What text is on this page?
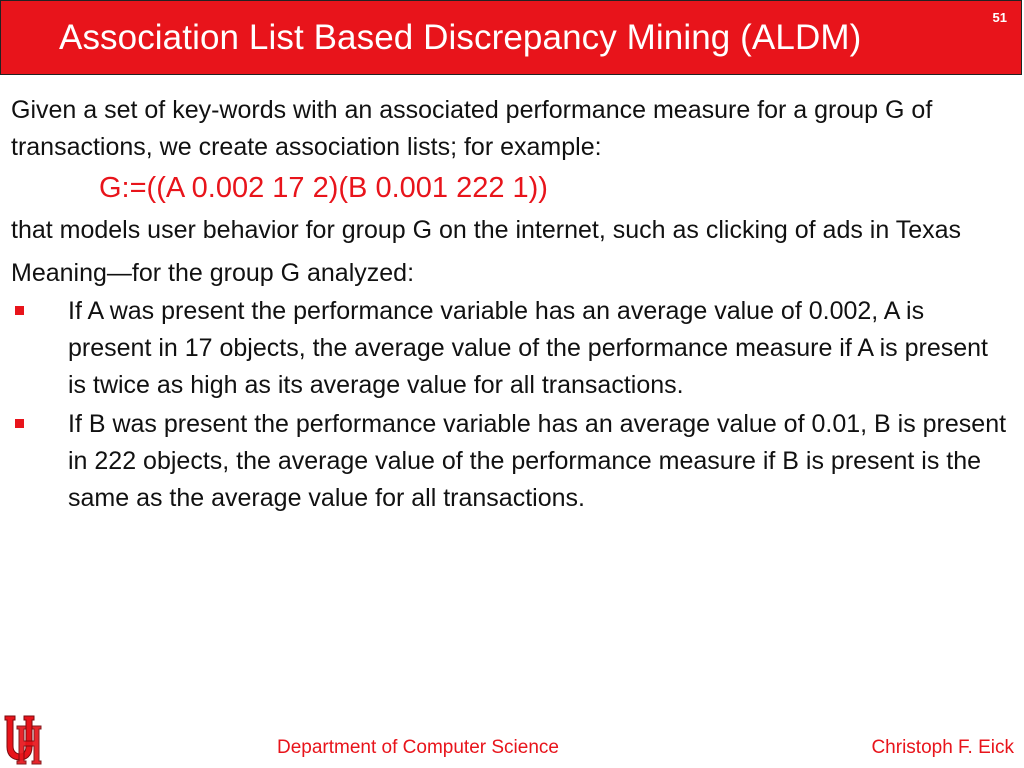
Association List Based Discrepancy Mining (ALDM)
51

Given a set of key-words with an associated performance measure for a group G of transactions, we create association lists; for example:

G:=((A 0.002 17 2)(B 0.001 222 1))

that models user behavior for group G on the internet, such as clicking of ads in Texas

Meaning—for the group G analyzed:

If A was present the performance variable has an average value of 0.002, A is present in 17 objects, the average value of the performance measure if A is present is twice as high as its average value for all transactions.
If B was present the performance variable has an average value of 0.01, B is present in 222 objects, the average value of the performance measure if B is present is the same as the average value for all transactions.
Department of Computer Science	Christoph F. Eick
